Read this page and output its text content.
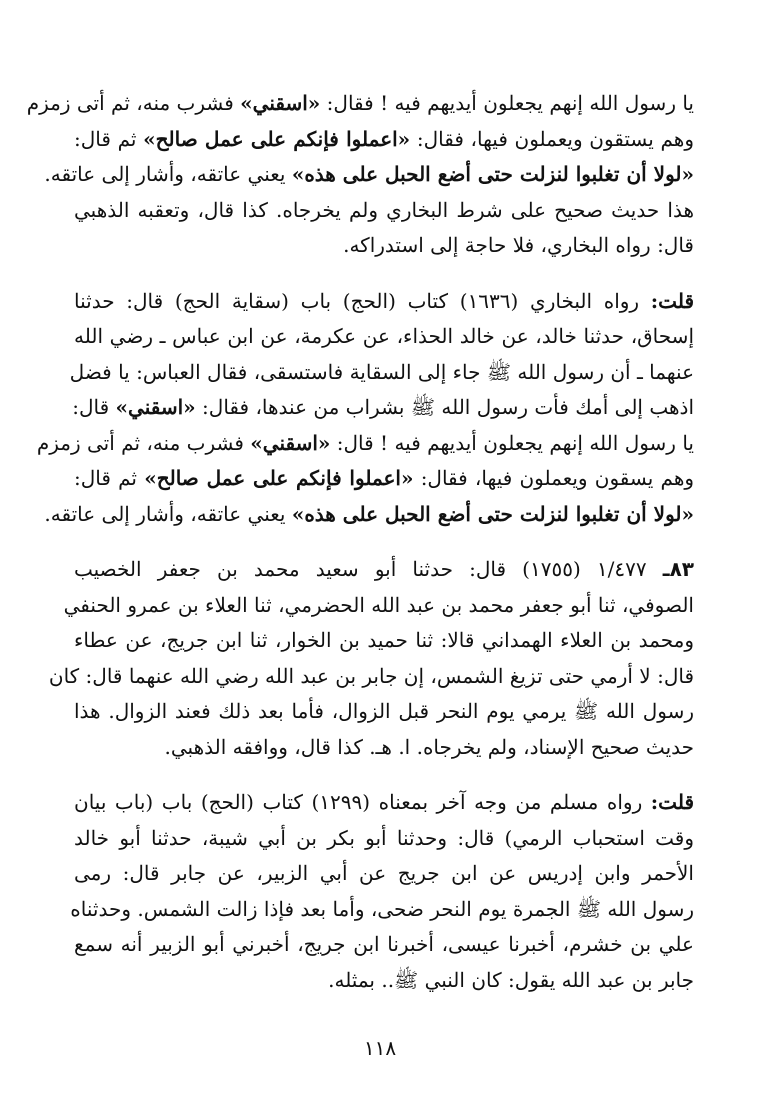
يا رسول الله إنهم يجعلون أيديهم فيه ! فقال: «اسقني» فشرب منه، ثم أتى زمزم
وهم يستقون ويعملون فيها، فقال: «اعملوا فإنكم على عمل صالح» ثم قال:
«لولا أن تغلبوا لنزلت حتى أضع الحبل على هذه» يعني عاتقه، وأشار إلى عاتقه.
هذا حديث صحيح على شرط البخاري ولم يخرجاه. كذا قال، وتعقبه الذهبي
قال: رواه البخاري، فلا حاجة إلى استدراكه.

قلت: رواه البخاري (١٦٣٦) كتاب (الحج) باب (سقاية الحج) قال: حدثنا
إسحاق، حدثنا خالد، عن خالد الحذاء، عن عكرمة، عن ابن عباس ـ رضي الله
عنهما ـ أن رسول الله ﷺ جاء إلى السقاية فاستسقى، فقال العباس: يا فضل
اذهب إلى أمك فأت رسول الله ﷺ بشراب من عندها، فقال: «اسقني» قال:
يا رسول الله إنهم يجعلون أيديهم فيه ! قال: «اسقني» فشرب منه، ثم أتى زمزم
وهم يسقون ويعملون فيها، فقال: «اعملوا فإنكم على عمل صالح» ثم قال:
«لولا أن تغلبوا لنزلت حتى أضع الحبل على هذه» يعني عاتقه، وأشار إلى عاتقه.

٨٣ـ ١/٤٧٧ (١٧٥٥) قال: حدثنا أبو سعيد محمد بن جعفر الخصيب
الصوفي، ثنا أبو جعفر محمد بن عبد الله الحضرمي، ثنا العلاء بن عمرو الحنفي
ومحمد بن العلاء الهمداني قالا: ثنا حميد بن الخوار، ثنا ابن جريج، عن عطاء
قال: لا أرمي حتى تزيغ الشمس، إن جابر بن عبد الله رضي الله عنهما قال: كان
رسول الله ﷺ يرمي يوم النحر قبل الزوال، فأما بعد ذلك فعند الزوال. هذا
حديث صحيح الإسناد، ولم يخرجاه. ا. هـ. كذا قال، ووافقه الذهبي.

قلت: رواه مسلم من وجه آخر بمعناه (١٢٩٩) كتاب (الحج) باب (باب بيان
وقت استحباب الرمي) قال: وحدثنا أبو بكر بن أبي شيبة، حدثنا أبو خالد
الأحمر وابن إدريس عن ابن جريج عن أبي الزبير، عن جابر قال: رمى
رسول الله ﷺ الجمرة يوم النحر ضحى، وأما بعد فإذا زالت الشمس. وحدثناه
علي بن خشرم، أخبرنا عيسى، أخبرنا ابن جريج، أخبرني أبو الزبير أنه سمع
جابر بن عبد الله يقول: كان النبي ﷺ.. بمثله.

١١٨
